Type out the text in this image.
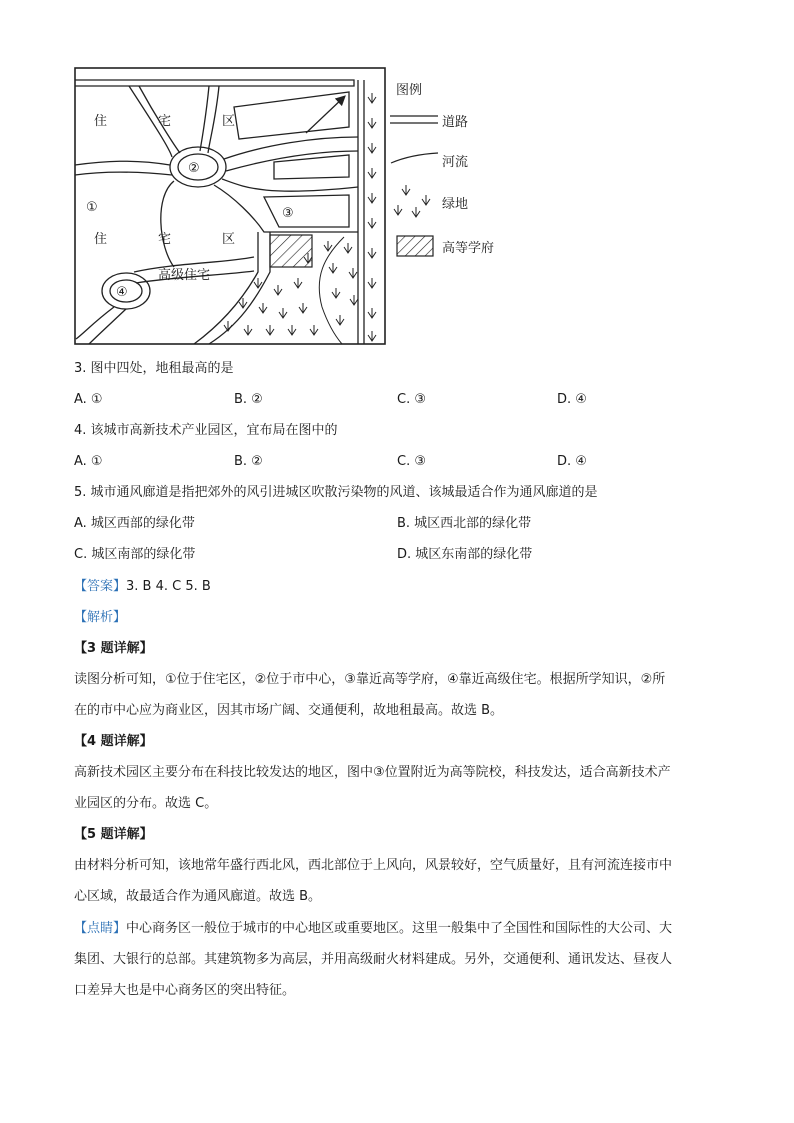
住	宅	区
②
①	③
住	宅	区
高级住宅
④
图例
道路
河流
绿地
高等学府
3. 图中四处，地租最高的是
A. ①	B. ②	C. ③	D. ④
4. 该城市高新技术产业园区，宜布局在图中的
A. ①	B. ②	C. ③	D. ④
5. 城市通风廊道是指把郊外的风引进城区吹散污染物的风道、该城最适合作为通风廊道的是
A. 城区西部的绿化带	B. 城区西北部的绿化带
C. 城区南部的绿化带	D. 城区东南部的绿化带
【答案】3. B 4. C 5. B
【解析】
【3 题详解】
读图分析可知，①位于住宅区，②位于市中心，③靠近高等学府，④靠近高级住宅。根据所学知识，②所
在的市中心应为商业区，因其市场广阔、交通便利，故地租最高。故选 B。
【4 题详解】
高新技术园区主要分布在科技比较发达的地区，图中③位置附近为高等院校，科技发达，适合高新技术产
业园区的分布。故选 C。
【5 题详解】
由材料分析可知，该地常年盛行西北风，西北部位于上风向，风景较好，空气质量好，且有河流连接市中
心区域，故最适合作为通风廊道。故选 B。
【点睛】中心商务区一般位于城市的中心地区或重要地区。这里一般集中了全国性和国际性的大公司、大
集团、大银行的总部。其建筑物多为高层，并用高级耐火材料建成。另外，交通便利、通讯发达、昼夜人
口差异大也是中心商务区的突出特征。
